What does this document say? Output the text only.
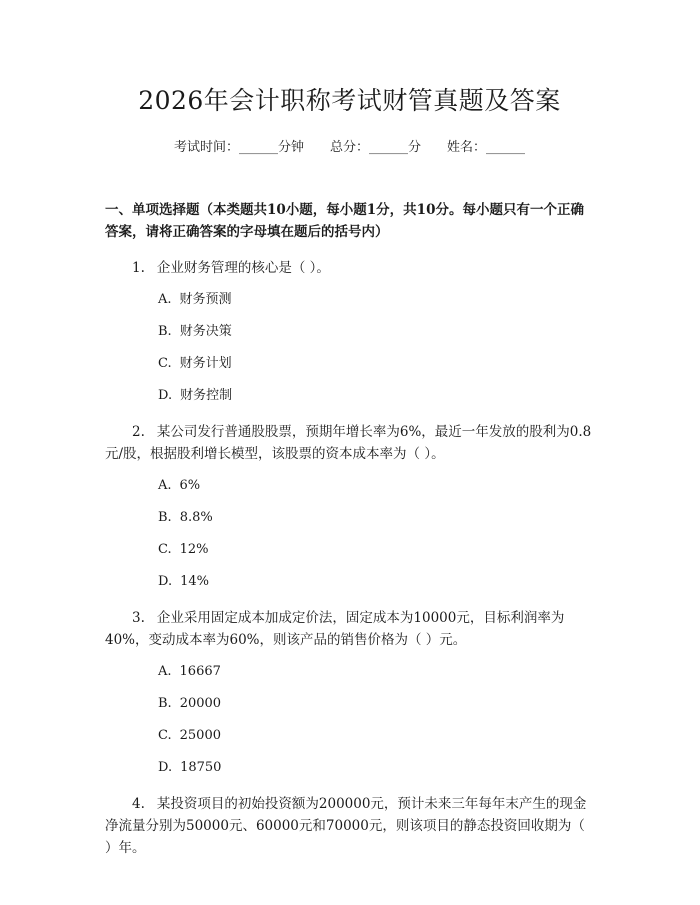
2026年会计职称考试财管真题及答案
考试时间：______分钟 总分：______分 姓名：______
一、单项选择题（本类题共10小题，每小题1分，共10分。每小题只有一个正确答案，请将正确答案的字母填在题后的括号内）
1. 企业财务管理的核心是（ ）。
A. 财务预测
B. 财务决策
C. 财务计划
D. 财务控制
2. 某公司发行普通股股票，预期年增长率为6%，最近一年发放的股利为0.8元/股，根据股利增长模型，该股票的资本成本率为（ ）。
A. 6%
B. 8.8%
C. 12%
D. 14%
3. 企业采用固定成本加成定价法，固定成本为10000元，目标利润率为40%，变动成本率为60%，则该产品的销售价格为（ ）元。
A. 16667
B. 20000
C. 25000
D. 18750
4. 某投资项目的初始投资额为200000元，预计未来三年每年末产生的现金净流量分别为50000元、60000元和70000元，则该项目的静态投资回收期为（ ）年。
